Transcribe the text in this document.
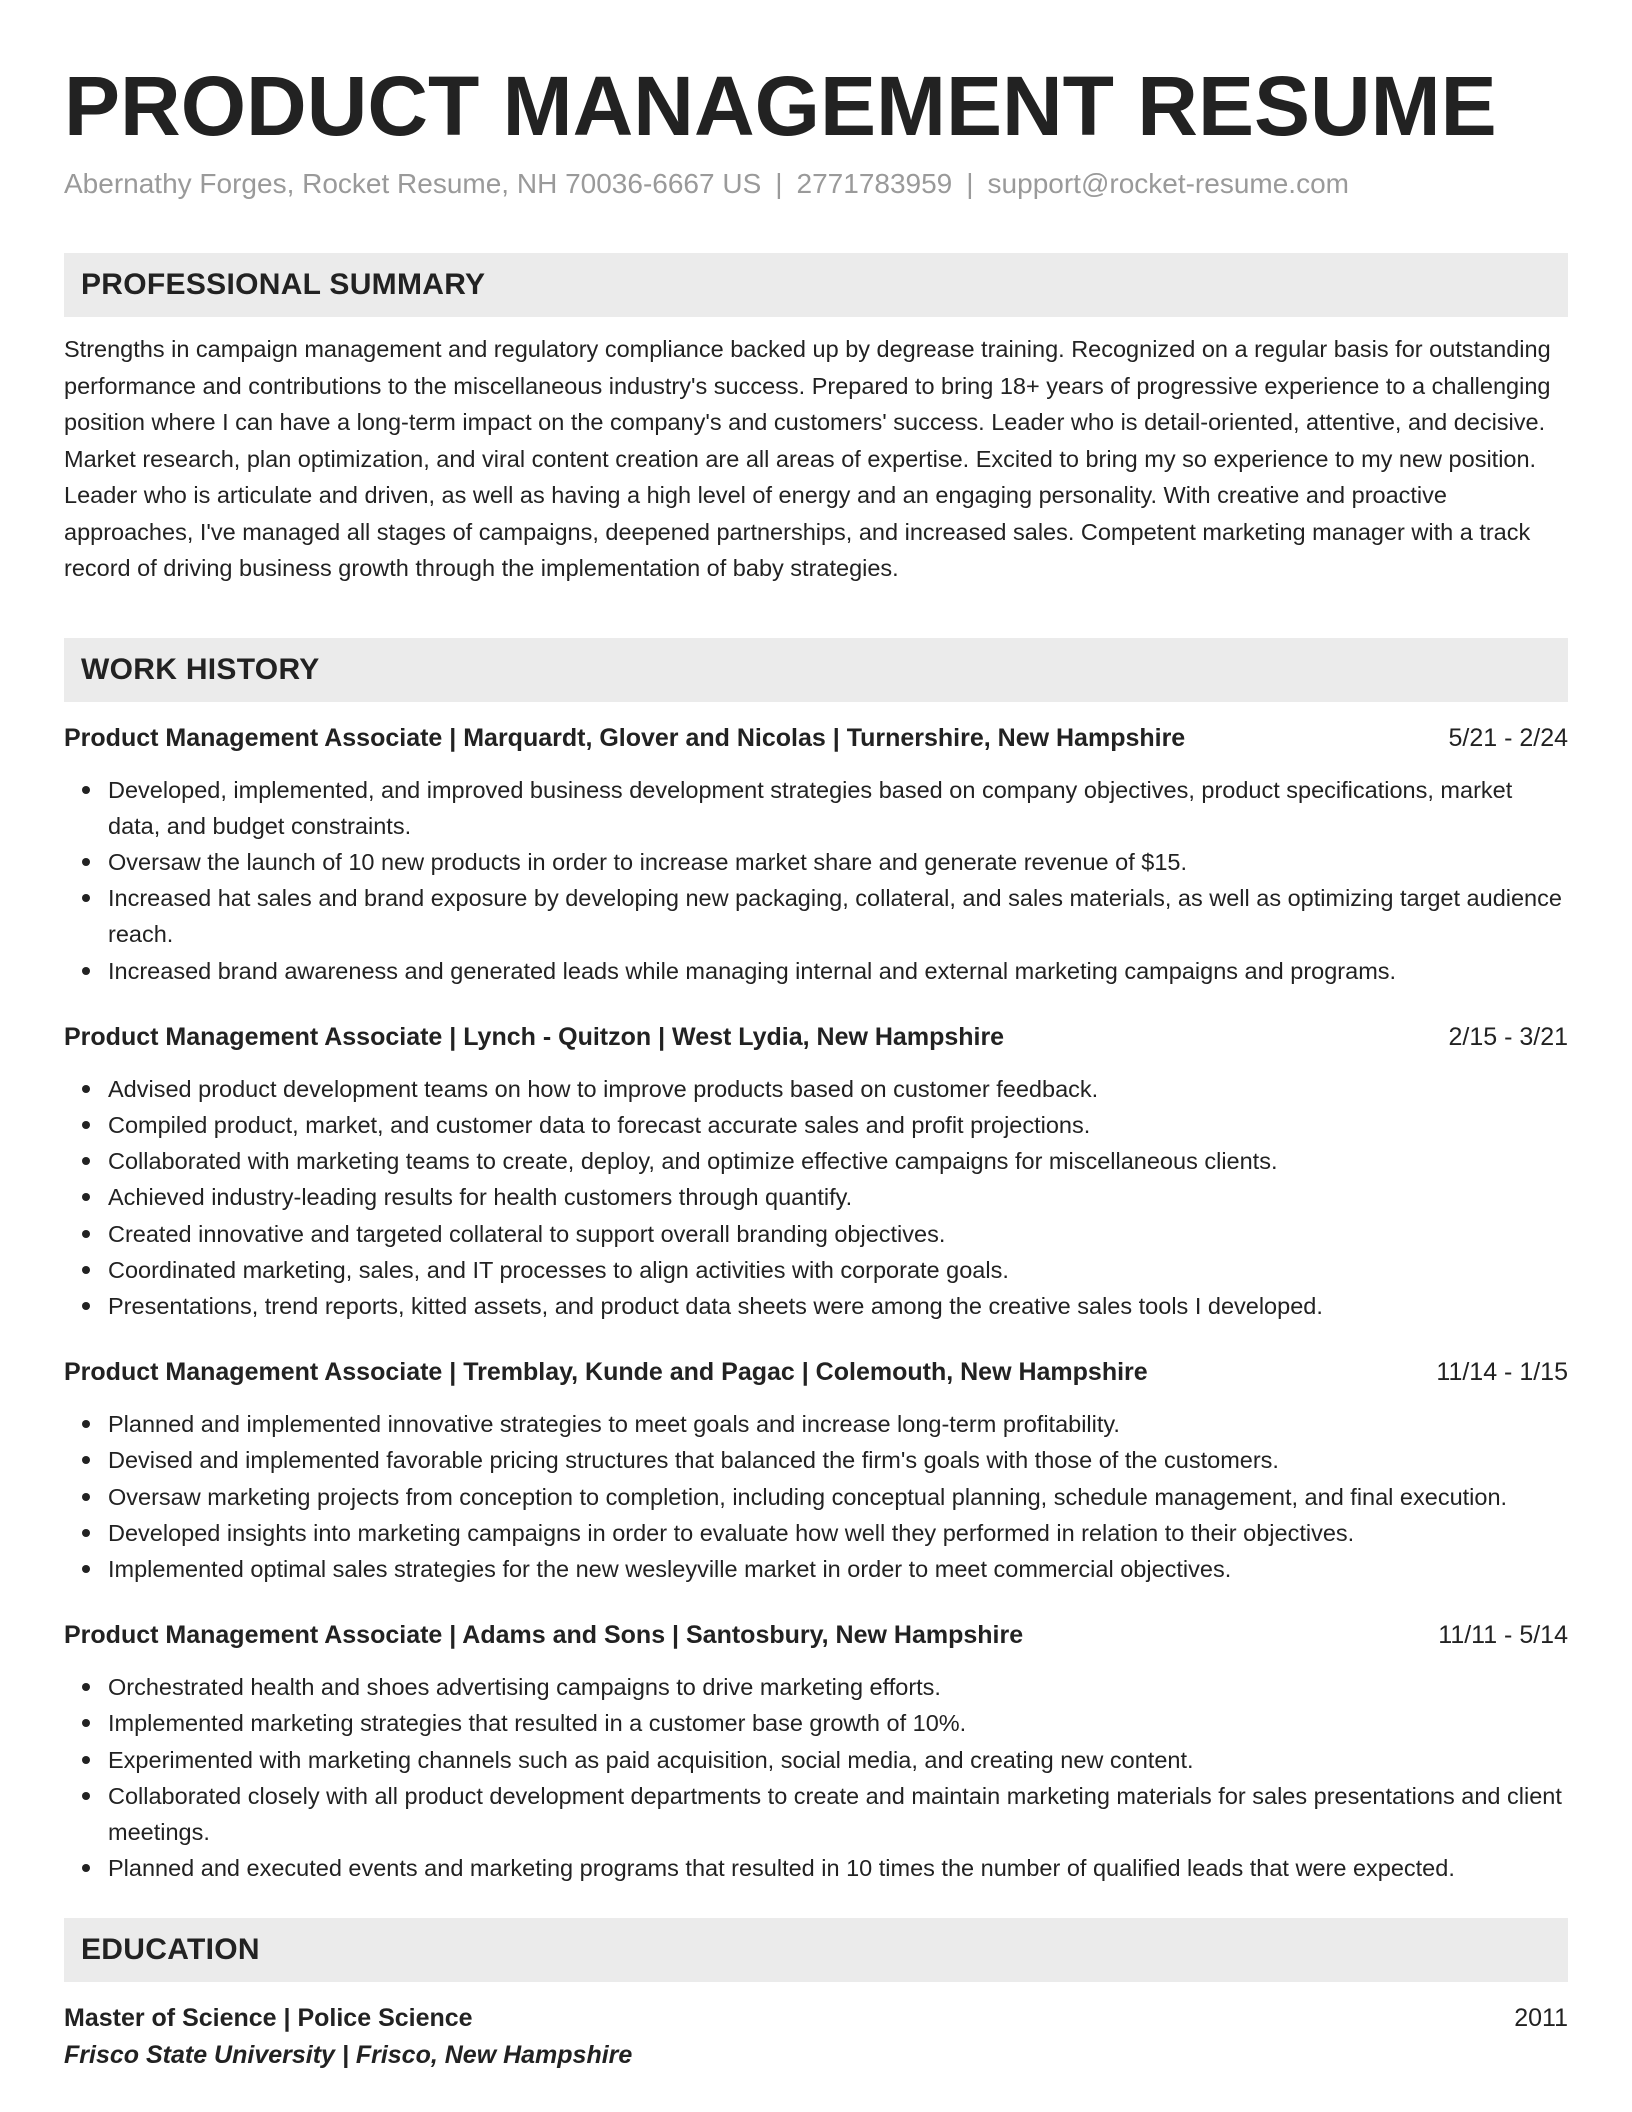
PRODUCT MANAGEMENT RESUME
Abernathy Forges, Rocket Resume, NH 70036-6667 US | 2771783959 | support@rocket-resume.com
PROFESSIONAL SUMMARY
Strengths in campaign management and regulatory compliance backed up by degrease training. Recognized on a regular basis for outstanding performance and contributions to the miscellaneous industry's success. Prepared to bring 18+ years of progressive experience to a challenging position where I can have a long-term impact on the company's and customers' success. Leader who is detail-oriented, attentive, and decisive. Market research, plan optimization, and viral content creation are all areas of expertise. Excited to bring my so experience to my new position. Leader who is articulate and driven, as well as having a high level of energy and an engaging personality. With creative and proactive approaches, I've managed all stages of campaigns, deepened partnerships, and increased sales. Competent marketing manager with a track record of driving business growth through the implementation of baby strategies.
WORK HISTORY
Product Management Associate | Marquardt, Glover and Nicolas | Turnershire, New Hampshire	5/21 - 2/24
Developed, implemented, and improved business development strategies based on company objectives, product specifications, market data, and budget constraints.
Oversaw the launch of 10 new products in order to increase market share and generate revenue of $15.
Increased hat sales and brand exposure by developing new packaging, collateral, and sales materials, as well as optimizing target audience reach.
Increased brand awareness and generated leads while managing internal and external marketing campaigns and programs.
Product Management Associate | Lynch - Quitzon | West Lydia, New Hampshire	2/15 - 3/21
Advised product development teams on how to improve products based on customer feedback.
Compiled product, market, and customer data to forecast accurate sales and profit projections.
Collaborated with marketing teams to create, deploy, and optimize effective campaigns for miscellaneous clients.
Achieved industry-leading results for health customers through quantify.
Created innovative and targeted collateral to support overall branding objectives.
Coordinated marketing, sales, and IT processes to align activities with corporate goals.
Presentations, trend reports, kitted assets, and product data sheets were among the creative sales tools I developed.
Product Management Associate | Tremblay, Kunde and Pagac | Colemouth, New Hampshire	11/14 - 1/15
Planned and implemented innovative strategies to meet goals and increase long-term profitability.
Devised and implemented favorable pricing structures that balanced the firm's goals with those of the customers.
Oversaw marketing projects from conception to completion, including conceptual planning, schedule management, and final execution.
Developed insights into marketing campaigns in order to evaluate how well they performed in relation to their objectives.
Implemented optimal sales strategies for the new wesleyville market in order to meet commercial objectives.
Product Management Associate | Adams and Sons | Santosbury, New Hampshire	11/11 - 5/14
Orchestrated health and shoes advertising campaigns to drive marketing efforts.
Implemented marketing strategies that resulted in a customer base growth of 10%.
Experimented with marketing channels such as paid acquisition, social media, and creating new content.
Collaborated closely with all product development departments to create and maintain marketing materials for sales presentations and client meetings.
Planned and executed events and marketing programs that resulted in 10 times the number of qualified leads that were expected.
EDUCATION
Master of Science | Police Science	2011
Frisco State University | Frisco, New Hampshire
